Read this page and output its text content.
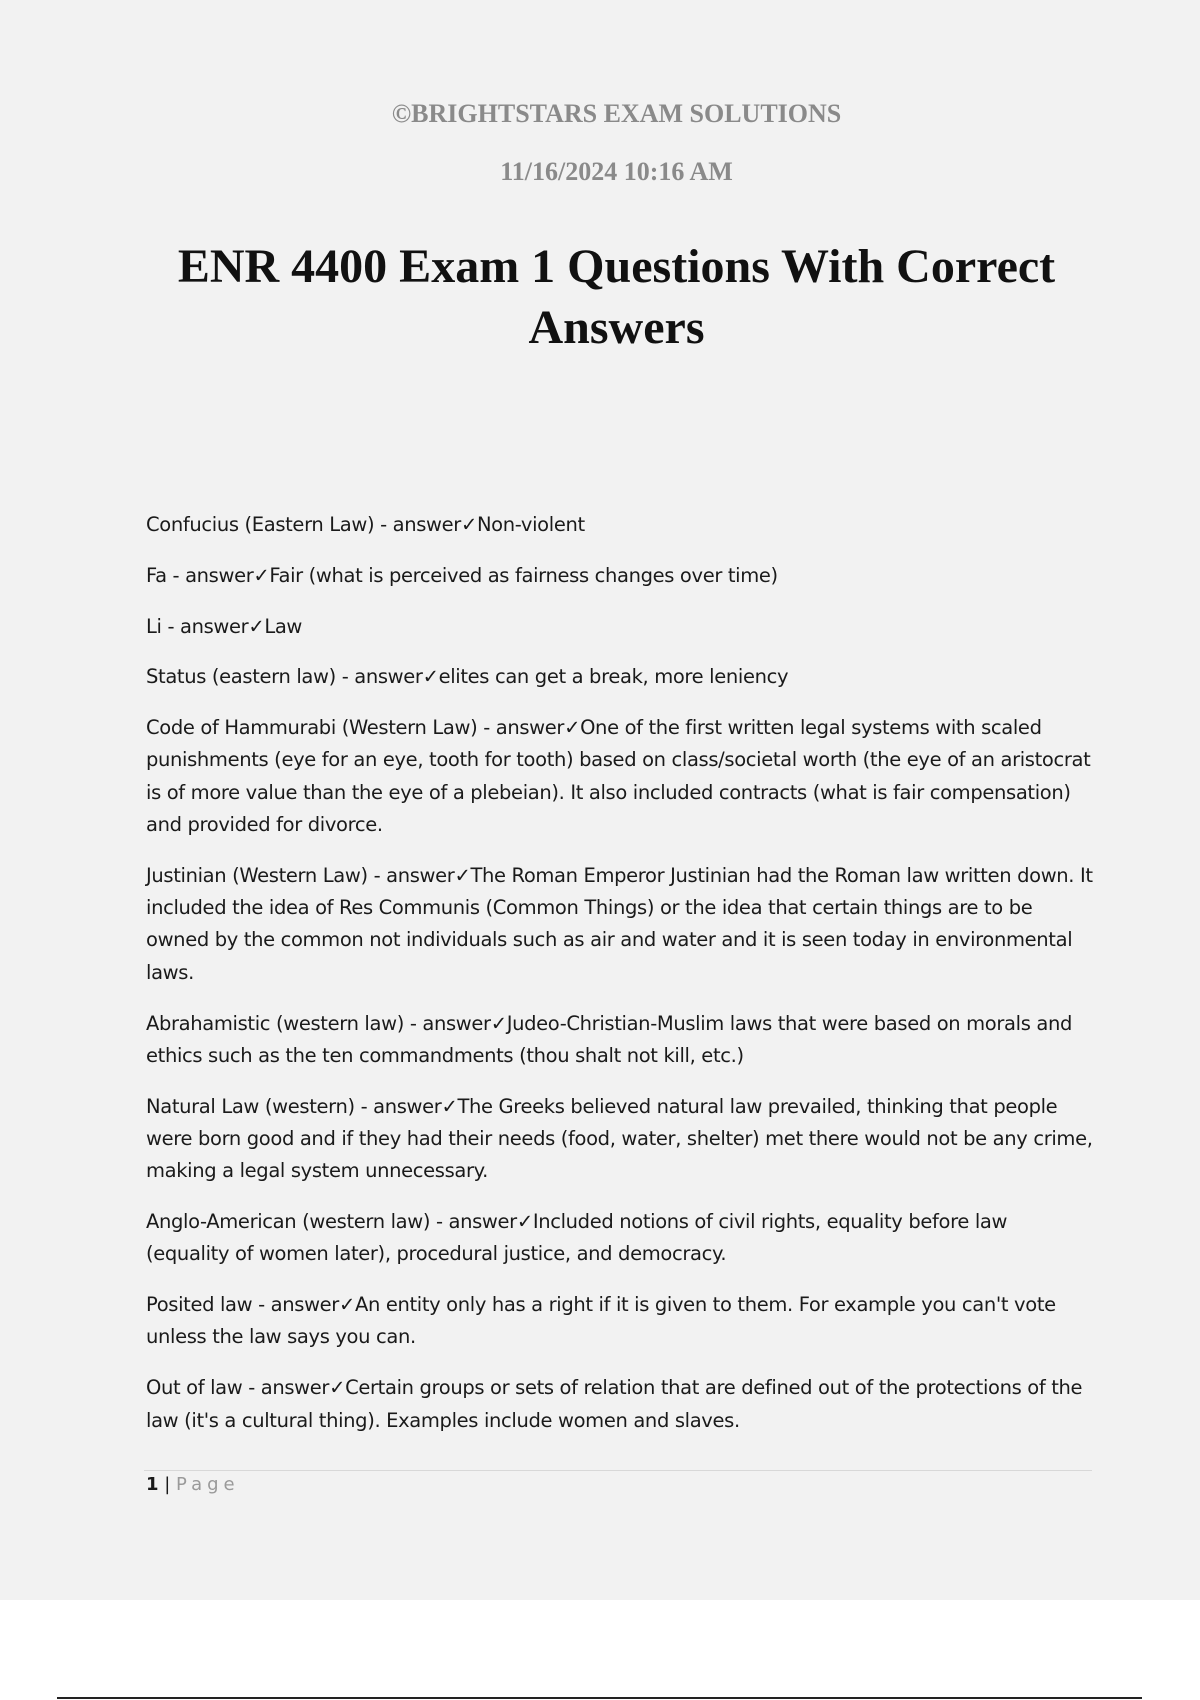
©BRIGHTSTARS EXAM SOLUTIONS
11/16/2024 10:16 AM
ENR 4400 Exam 1 Questions With Correct Answers

Confucius (Eastern Law) - answer✓Non-violent

Fa - answer✓Fair (what is perceived as fairness changes over time)

Li - answer✓Law

Status (eastern law) - answer✓elites can get a break, more leniency

Code of Hammurabi (Western Law) - answer✓One of the first written legal systems with scaled punishments (eye for an eye, tooth for tooth) based on class/societal worth (the eye of an aristocrat is of more value than the eye of a plebeian). It also included contracts (what is fair compensation) and provided for divorce.

Justinian (Western Law) - answer✓The Roman Emperor Justinian had the Roman law written down. It included the idea of Res Communis (Common Things) or the idea that certain things are to be owned by the common not individuals such as air and water and it is seen today in environmental laws.

Abrahamistic (western law) - answer✓Judeo-Christian-Muslim laws that were based on morals and ethics such as the ten commandments (thou shalt not kill, etc.)

Natural Law (western) - answer✓The Greeks believed natural law prevailed, thinking that people were born good and if they had their needs (food, water, shelter) met there would not be any crime, making a legal system unnecessary.

Anglo-American (western law) - answer✓Included notions of civil rights, equality before law (equality of women later), procedural justice, and democracy.

Posited law - answer✓An entity only has a right if it is given to them. For example you can't vote unless the law says you can.

Out of law - answer✓Certain groups or sets of relation that are defined out of the protections of the law (it's a cultural thing). Examples include women and slaves.

1 | Page
